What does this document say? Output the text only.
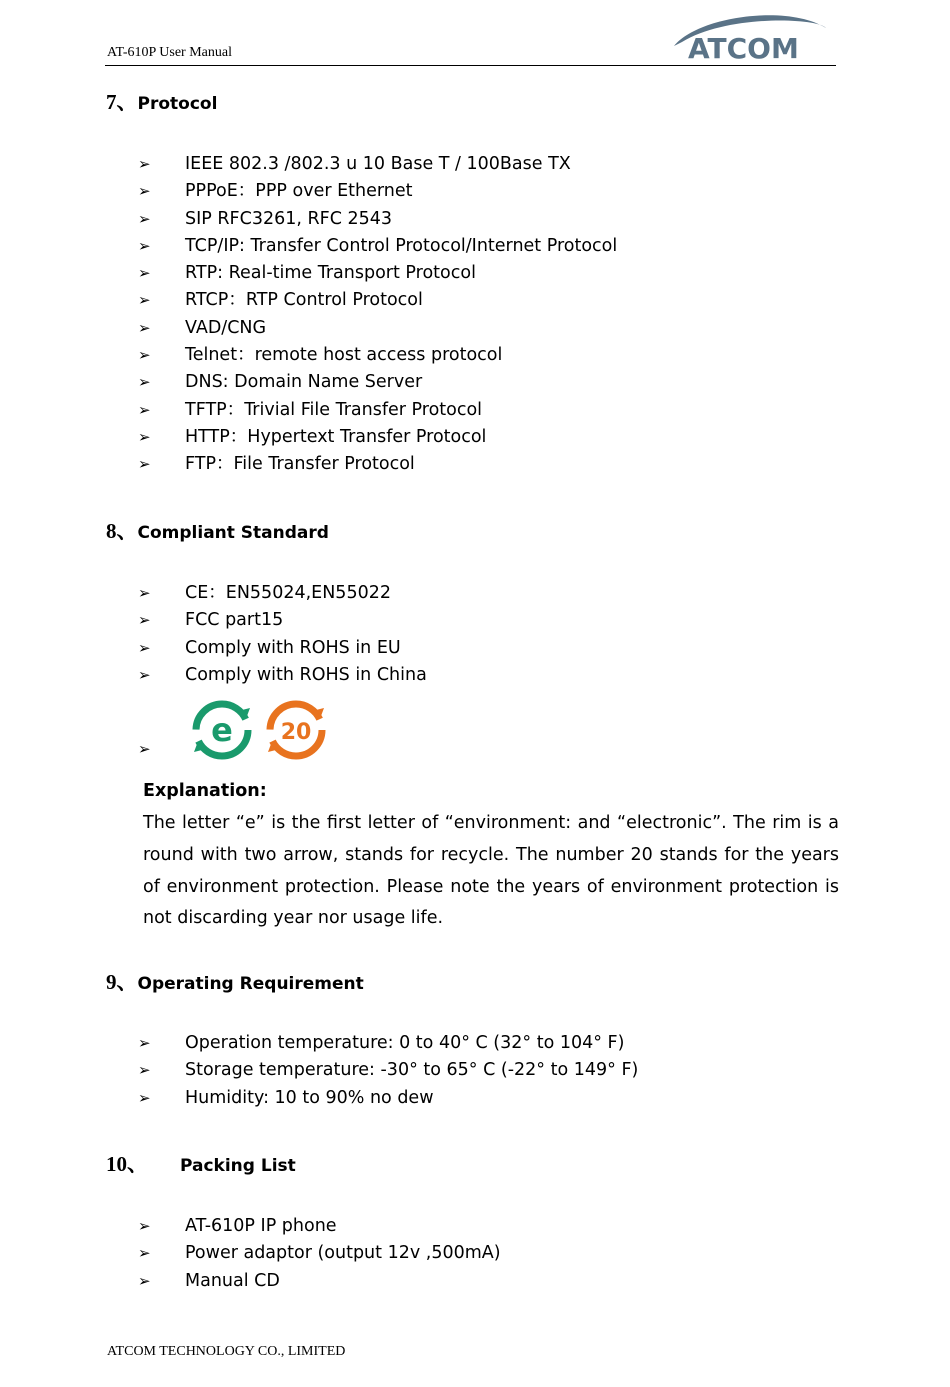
AT-610P User Manual	ATCOM
7、 Protocol
➢ IEEE 802.3 /802.3 u 10 Base T / 100Base TX
➢ PPPoE：PPP over Ethernet
➢ SIP RFC3261, RFC 2543
➢ TCP/IP: Transfer Control Protocol/Internet Protocol
➢ RTP: Real-time Transport Protocol
➢ RTCP：RTP Control Protocol
➢ VAD/CNG
➢ Telnet：remote host access protocol
➢ DNS: Domain Name Server
➢ TFTP：Trivial File Transfer Protocol
➢ HTTP：Hypertext Transfer Protocol
➢ FTP：File Transfer Protocol
8、 Compliant Standard
➢ CE：EN55024,EN55022
➢ FCC part15
➢ Comply with ROHS in EU
➢ Comply with ROHS in China
➢ e 20
Explanation:
The letter “e” is the first letter of “environment: and “electronic”. The rim is a round with two arrow, stands for recycle. The number 20 stands for the years of environment protection. Please note the years of environment protection is not discarding year nor usage life.
9、 Operating Requirement
➢ Operation temperature: 0 to 40° C (32° to 104° F)
➢ Storage temperature: -30° to 65° C (-22° to 149° F)
➢ Humidity: 10 to 90% no dew
10、	Packing List
➢ AT-610P IP phone
➢ Power adaptor (output 12v ,500mA)
➢ Manual CD
ATCOM TECHNOLOGY CO., LIMITED
